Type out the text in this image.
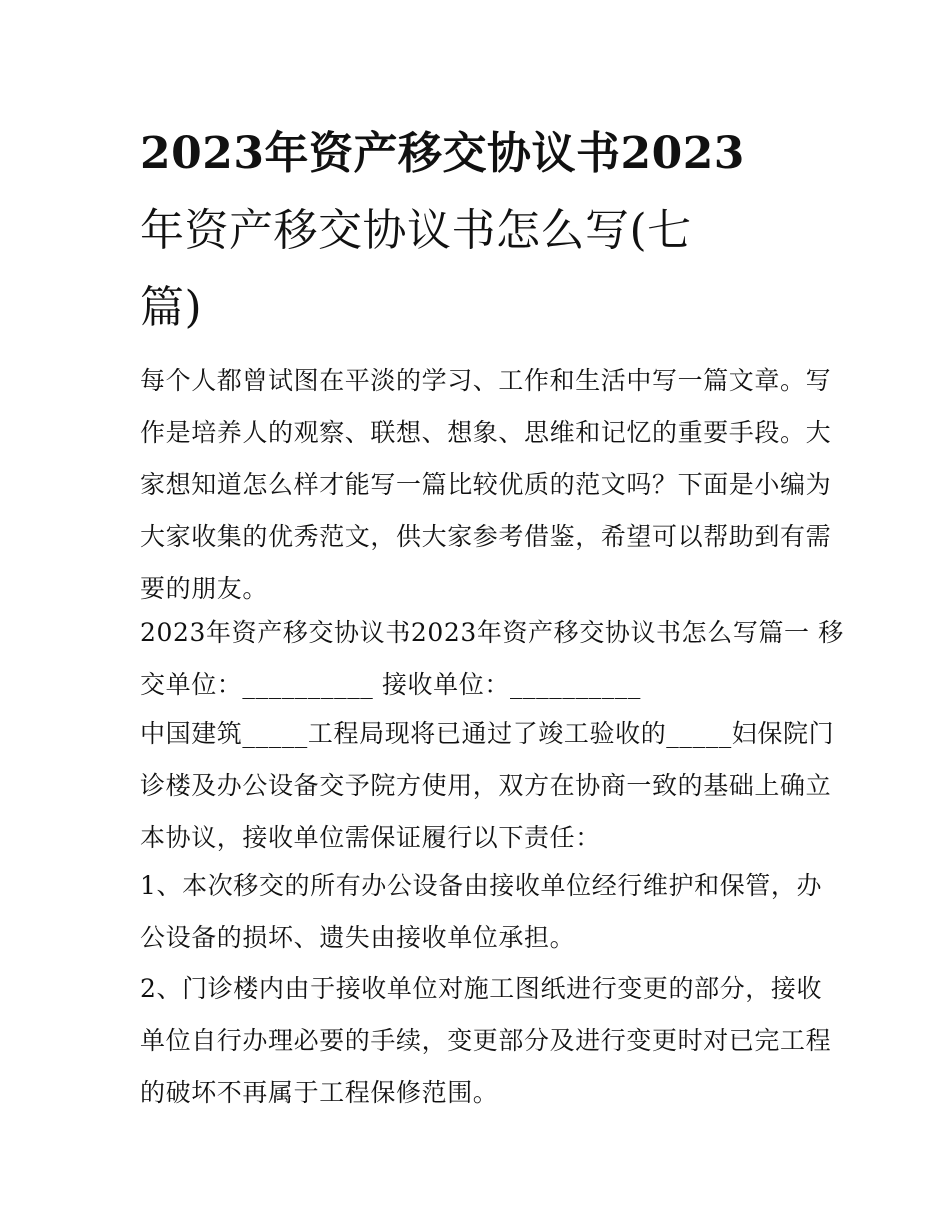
2023年资产移交协议书2023
年资产移交协议书怎么写(七
篇)
每个人都曾试图在平淡的学习、工作和生活中写一篇文章。写
作是培养人的观察、联想、想象、思维和记忆的重要手段。大
家想知道怎么样才能写一篇比较优质的范文吗？下面是小编为
大家收集的优秀范文，供大家参考借鉴，希望可以帮助到有需
要的朋友。
2023年资产移交协议书2023年资产移交协议书怎么写篇一 移
交单位：__________ 接收单位：__________
中国建筑_____工程局现将已通过了竣工验收的_____妇保院门
诊楼及办公设备交予院方使用，双方在协商一致的基础上确立
本协议，接收单位需保证履行以下责任：
1、本次移交的所有办公设备由接收单位经行维护和保管，办
公设备的损坏、遗失由接收单位承担。
2、门诊楼内由于接收单位对施工图纸进行变更的部分，接收
单位自行办理必要的手续，变更部分及进行变更时对已完工程
的破坏不再属于工程保修范围。
